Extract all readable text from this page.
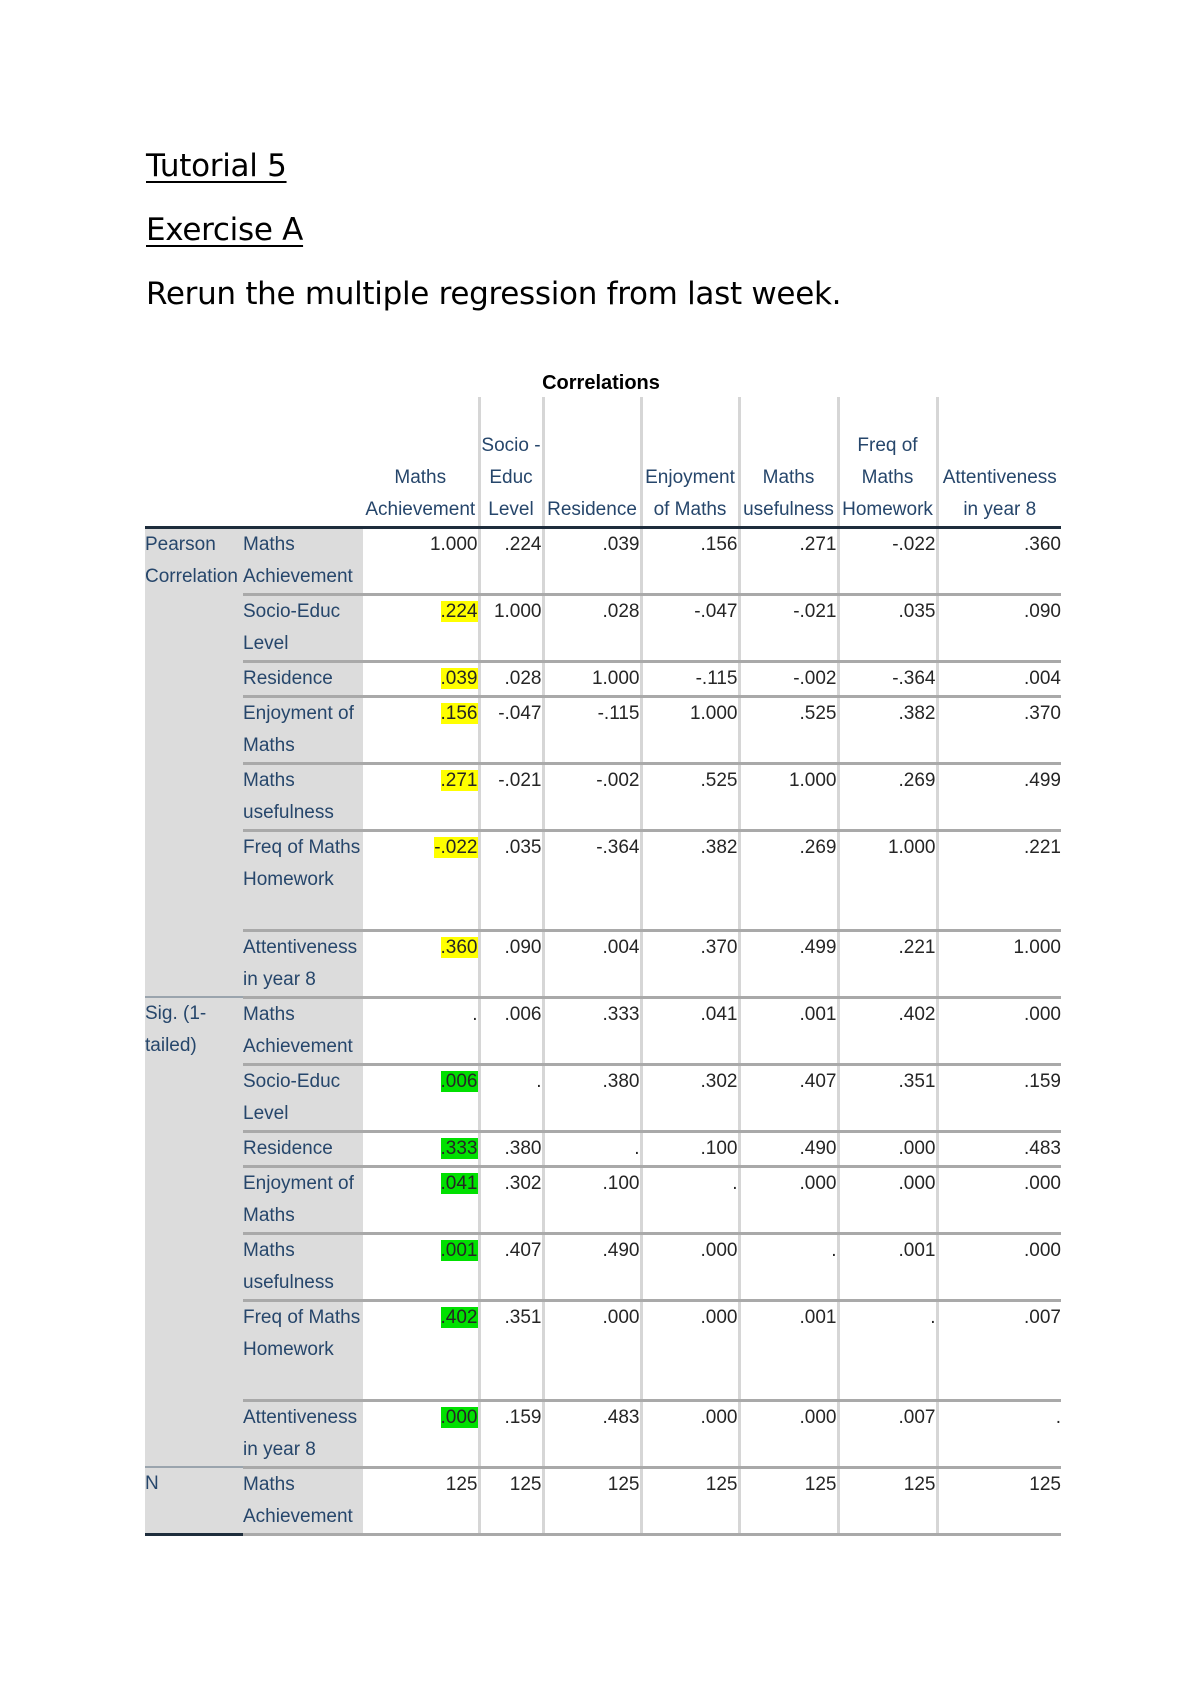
Tutorial 5
Exercise A

Rerun the multiple regression from last week.

Correlations
		Maths Achievement	Socio -Educ Level	Residence	Enjoyment of Maths	Maths usefulness	Freq of Maths Homework	Attentiveness in year 8
Pearson Correlation	Maths Achievement	1.000	.224	.039	.156	.271	-.022	.360
	Socio-Educ Level	.224	1.000	.028	-.047	-.021	.035	.090
	Residence	.039	.028	1.000	-.115	-.002	-.364	.004
	Enjoyment of Maths	.156	-.047	-.115	1.000	.525	.382	.370
	Maths usefulness	.271	-.021	-.002	.525	1.000	.269	.499
	Freq of Maths Homework	-.022	.035	-.364	.382	.269	1.000	.221
	Attentiveness in year 8	.360	.090	.004	.370	.499	.221	1.000
Sig. (1-tailed)	Maths Achievement	.	.006	.333	.041	.001	.402	.000
	Socio-Educ Level	.006	.	.380	.302	.407	.351	.159
	Residence	.333	.380	.	.100	.490	.000	.483
	Enjoyment of Maths	.041	.302	.100	.	.000	.000	.000
	Maths usefulness	.001	.407	.490	.000	.	.001	.000
	Freq of Maths Homework	.402	.351	.000	.000	.001	.	.007
	Attentiveness in year 8	.000	.159	.483	.000	.000	.007	.
N	Maths Achievement	125	125	125	125	125	125	125
